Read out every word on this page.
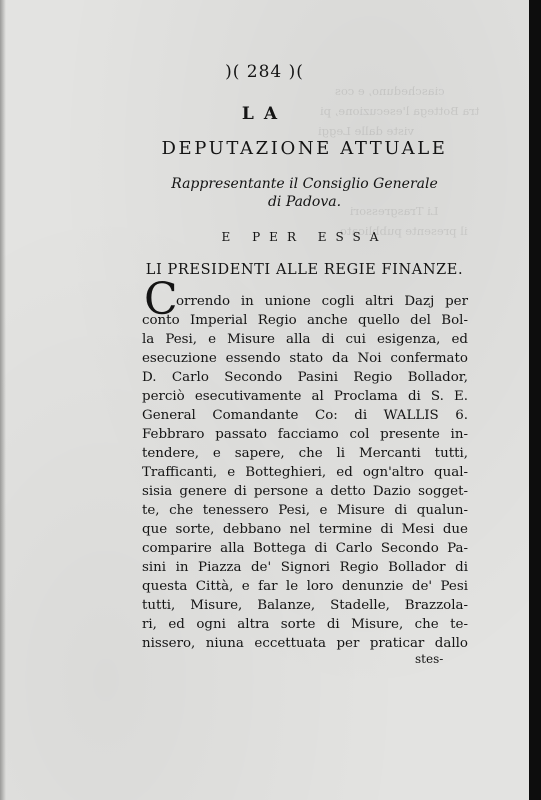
ciascheduno, e cos
tra Bottega l'esecuzione, pi
viste dalle Leggi
Li Trasgressori
il presente pubblicato
)( 284 )(
LA
DEPUTAZIONE ATTUALE
Rappresentante il Consiglio Generale
di Padova.
E PER ESSA
LI PRESIDENTI ALLE REGIE FINANZE.
C
orrendo in unione cogli altri Dazj per
conto Imperial Regio anche quello del Bol-
la Pesi, e Misure alla di cui esigenza, ed
esecuzione essendo stato da Noi confermato
D. Carlo Secondo Pasini Regio Bollador,
perciò esecutivamente al Proclama di S. E.
General Comandante Co: di WALLIS 6.
Febbraro passato facciamo col presente in-
tendere, e sapere, che li Mercanti tutti,
Trafficanti, e Botteghieri, ed ogn'altro qual-
sisia genere di persone a detto Dazio sogget-
te, che tenessero Pesi, e Misure di qualun-
que sorte, debbano nel termine di Mesi due
comparire alla Bottega di Carlo Secondo Pa-
sini in Piazza de' Signori Regio Bollador di
questa Città, e far le loro denunzie de' Pesi
tutti, Misure, Balanze, Stadelle, Brazzola-
ri, ed ogni altra sorte di Misure, che te-
nissero, niuna eccettuata per praticar dallo
stes-
